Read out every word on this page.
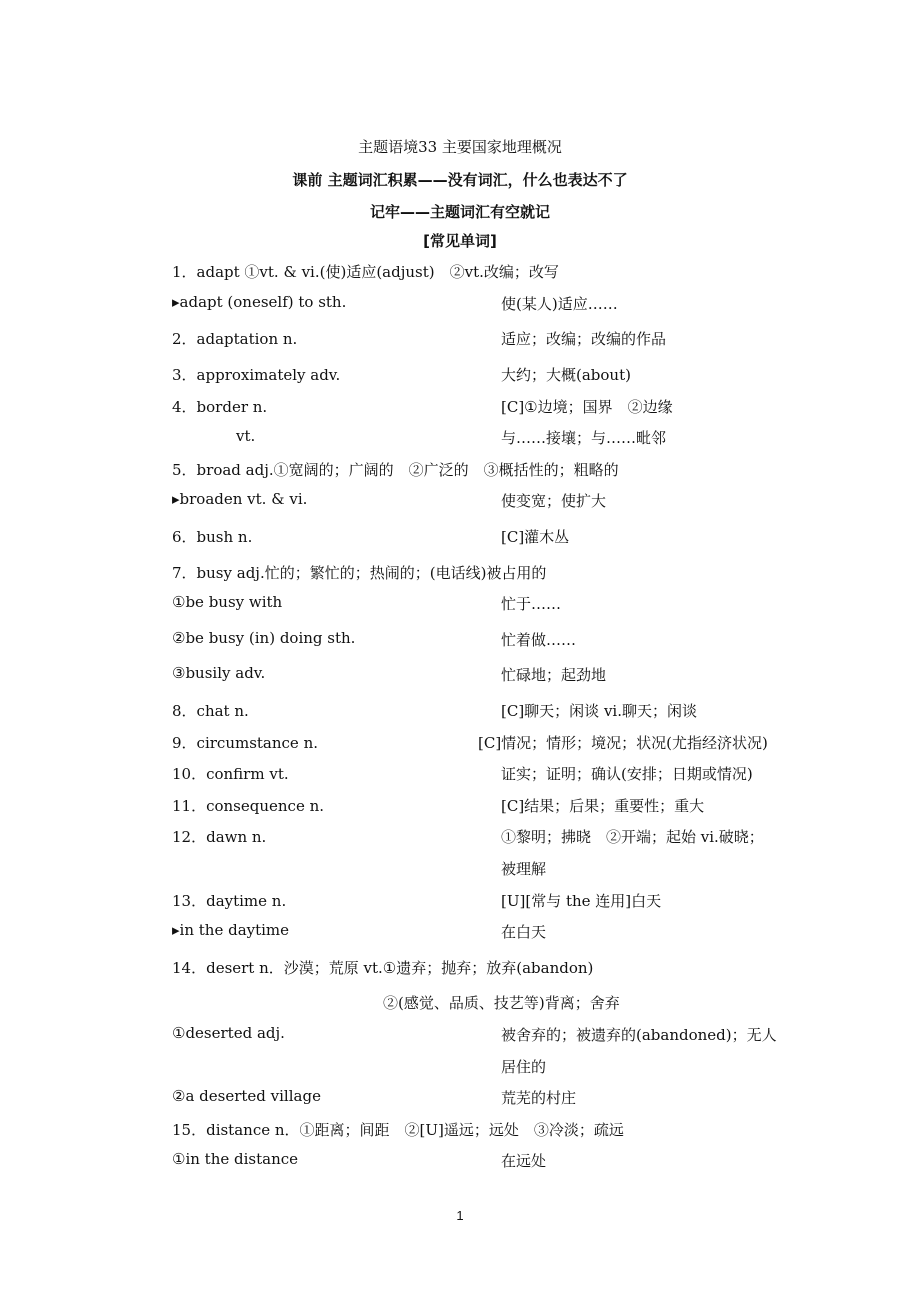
主题语境33 主要国家地理概况
课前 主题词汇积累——没有词汇，什么也表达不了
记牢——主题词汇有空就记
[常见单词]
1．adapt ①vt. & vi.(使)适应(adjust)　②vt.改编；改写
▸adapt (oneself) to sth.	使(某人)适应……
2．adaptation n.	适应；改编；改编的作品
3．approximately adv.	大约；大概(about)
4．border n.	[C]①边境；国界　②边缘
vt.	与……接壤；与……毗邻
5．broad adj.①宽阔的；广阔的　②广泛的　③概括性的；粗略的
▸broaden vt. & vi.	使变宽；使扩大
6．bush n.	[C]灌木丛
7．busy adj.忙的；繁忙的；热闹的；(电话线)被占用的
①be busy with	忙于……
②be busy (in) doing sth.	忙着做……
③busily adv.	忙碌地；起劲地
8．chat n.	[C]聊天；闲谈 vi.聊天；闲谈
9．circumstance n.	[C]情况；情形；境况；状况(尤指经济状况)
10．confirm vt.	证实；证明；确认(安排；日期或情况)
11．consequence n.	[C]结果；后果；重要性；重大
12．dawn n.	①黎明；拂晓　②开端；起始 vi.破晓；
被理解
13．daytime n.	[U][常与 the 连用]白天
▸in the daytime	在白天
14．desert n．沙漠；荒原 vt.①遗弃；抛弃；放弃(abandon)
②(感觉、品质、技艺等)背离；舍弃
①deserted adj.	被舍弃的；被遗弃的(abandoned)；无人
居住的
②a deserted village	荒芜的村庄
15．distance n．①距离；间距　②[U]遥远；远处　③冷淡；疏远
①in the distance	在远处
1
